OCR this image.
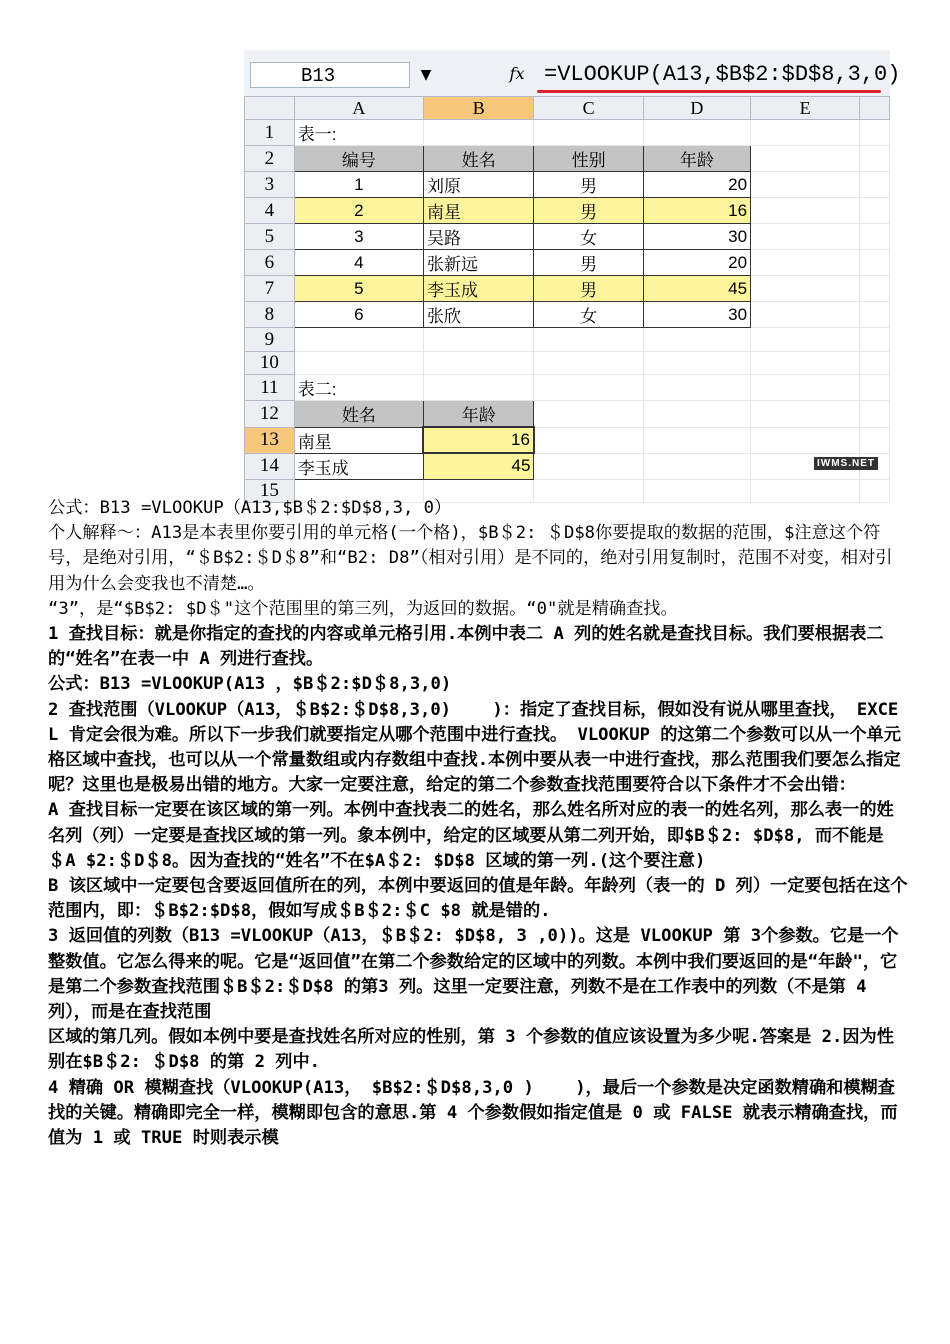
B13	▼	fx =VLOOKUP(A13,$B$2:$D$8,3,0)
	A	B	C	D	E	
1	表一:					
2	编号	姓名	性别	年龄		
3	1	刘原	男	20		
4	2	南星	男	16		
5	3	吴路	女	30		
6	4	张新远	男	20		
7	5	李玉成	男	45		
8	6	张欣	女	30		
9						
10						
11	表二:					
12	姓名	年龄				
13	南星	16				
14	李玉成	45				
15						
IWMS.NET

公式：B13 =VLOOKUP（A13,$B＄2:$D$8,3, 0）

个人解释～：A13是本表里你要引用的单元格(一个格)，$B＄2: ＄D$8你要提取的数据的范围，$注意这个符号，是绝对引用，“＄B$2:＄D＄8”和“B2: D8”（相对引用）是不同的，绝对引用复制时，范围不对变，相对引用为什么会变我也不清楚…。

“3”，是“$B$2: $D＄"这个范围里的第三列，为返回的数据。“0"就是精确查找。

1 查找目标：就是你指定的查找的内容或单元格引用.本例中表二 A 列的姓名就是查找目标。我们要根据表二的“姓名”在表一中 A 列进行查找。

公式：B13 =VLOOKUP(A13 ，$B＄2:$D＄8,3,0)

2 查找范围（VLOOKUP（A13，＄B$2:＄D$8,3,0)    )：指定了查找目标，假如没有说从哪里查找， EXCEL 肯定会很为难。所以下一步我们就要指定从哪个范围中进行查找。 VLOOKUP 的这第二个参数可以从一个单元格区域中查找，也可以从一个常量数组或内存数组中查找.本例中要从表一中进行查找，那么范围我们要怎么指定呢？这里也是极易出错的地方。大家一定要注意，给定的第二个参数查找范围要符合以下条件才不会出错：

A 查找目标一定要在该区域的第一列。本例中查找表二的姓名，那么姓名所对应的表一的姓名列，那么表一的姓名列（列）一定要是查找区域的第一列。象本例中，给定的区域要从第二列开始，即$B＄2: $D$8, 而不能是＄A $2:＄D＄8。因为查找的“姓名”不在$A＄2: $D$8 区域的第一列.(这个要注意)

B 该区域中一定要包含要返回值所在的列，本例中要返回的值是年龄。年龄列（表一的 D 列）一定要包括在这个范围内，即：＄B$2:$D$8，假如写成＄B＄2:＄C $8 就是错的.

3 返回值的列数（B13 =VLOOKUP（A13，＄B＄2: $D$8, 3 ,0))。这是 VLOOKUP 第 3个参数。它是一个整数值。它怎么得来的呢。它是“返回值”在第二个参数给定的区域中的列数。本例中我们要返回的是“年龄"，它是第二个参数查找范围＄B＄2:＄D$8 的第3 列。这里一定要注意，列数不是在工作表中的列数（不是第 4 列），而是在查找范围

区域的第几列。假如本例中要是查找姓名所对应的性别，第 3 个参数的值应该设置为多少呢.答案是 2.因为性别在$B＄2: ＄D$8 的第 2 列中.

4 精确 OR 模糊查找（VLOOKUP(A13， $B$2:＄D$8,3,0 )    )，最后一个参数是决定函数精确和模糊查找的关键。精确即完全一样，模糊即包含的意思.第 4 个参数假如指定值是 0 或 FALSE 就表示精确查找，而值为 1 或 TRUE 时则表示模
